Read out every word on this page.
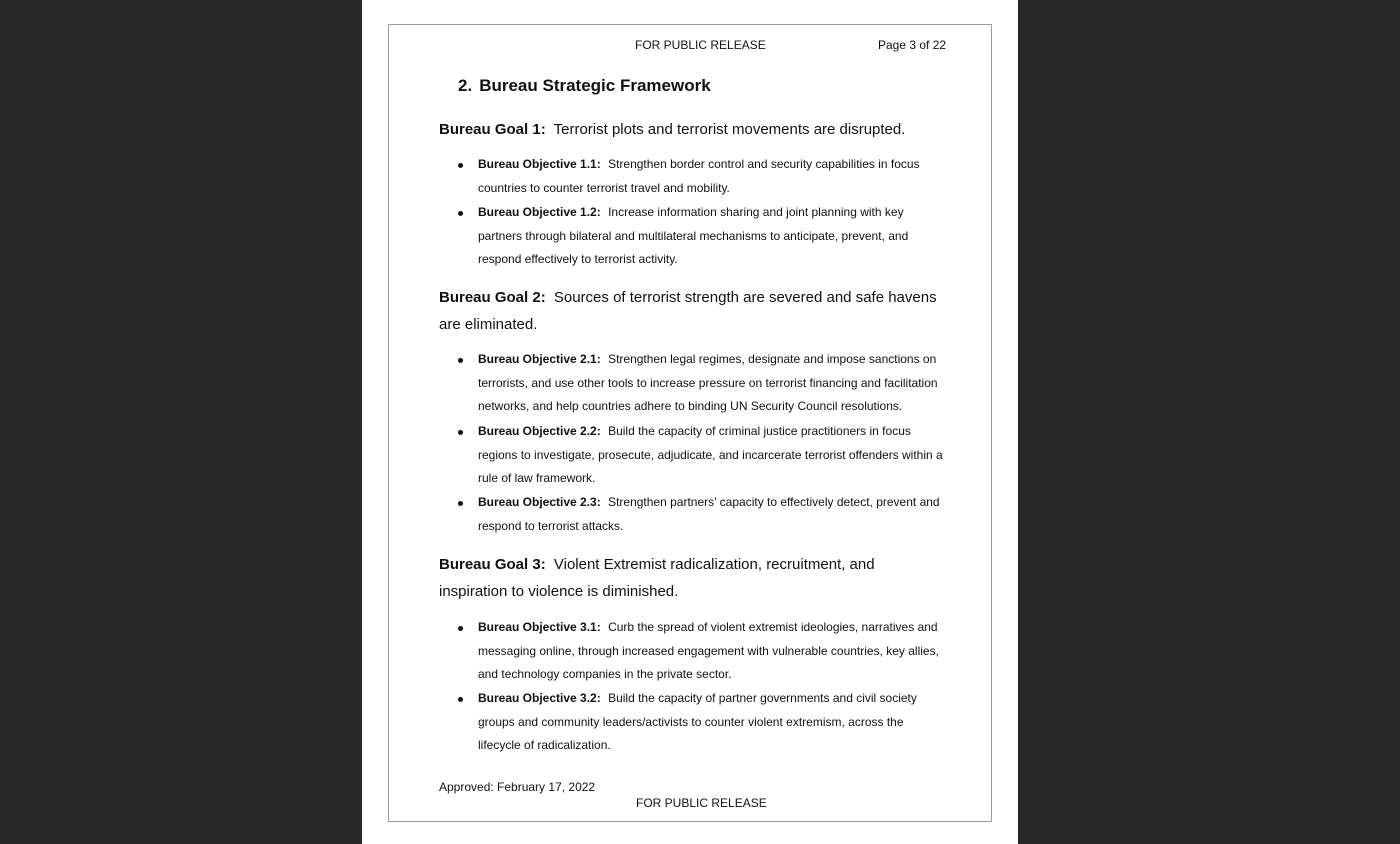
FOR PUBLIC RELEASE	Page 3 of 22
2. Bureau Strategic Framework
Bureau Goal 1: Terrorist plots and terrorist movements are disrupted.
Bureau Objective 1.1: Strengthen border control and security capabilities in focus countries to counter terrorist travel and mobility.
Bureau Objective 1.2: Increase information sharing and joint planning with key partners through bilateral and multilateral mechanisms to anticipate, prevent, and respond effectively to terrorist activity.
Bureau Goal 2: Sources of terrorist strength are severed and safe havens are eliminated.
Bureau Objective 2.1: Strengthen legal regimes, designate and impose sanctions on terrorists, and use other tools to increase pressure on terrorist financing and facilitation networks, and help countries adhere to binding UN Security Council resolutions.
Bureau Objective 2.2: Build the capacity of criminal justice practitioners in focus regions to investigate, prosecute, adjudicate, and incarcerate terrorist offenders within a rule of law framework.
Bureau Objective 2.3: Strengthen partners’ capacity to effectively detect, prevent and respond to terrorist attacks.
Bureau Goal 3: Violent Extremist radicalization, recruitment, and inspiration to violence is diminished.
Bureau Objective 3.1: Curb the spread of violent extremist ideologies, narratives and messaging online, through increased engagement with vulnerable countries, key allies, and technology companies in the private sector.
Bureau Objective 3.2: Build the capacity of partner governments and civil society groups and community leaders/activists to counter violent extremism, across the lifecycle of radicalization.
Approved: February 17, 2022
FOR PUBLIC RELEASE
